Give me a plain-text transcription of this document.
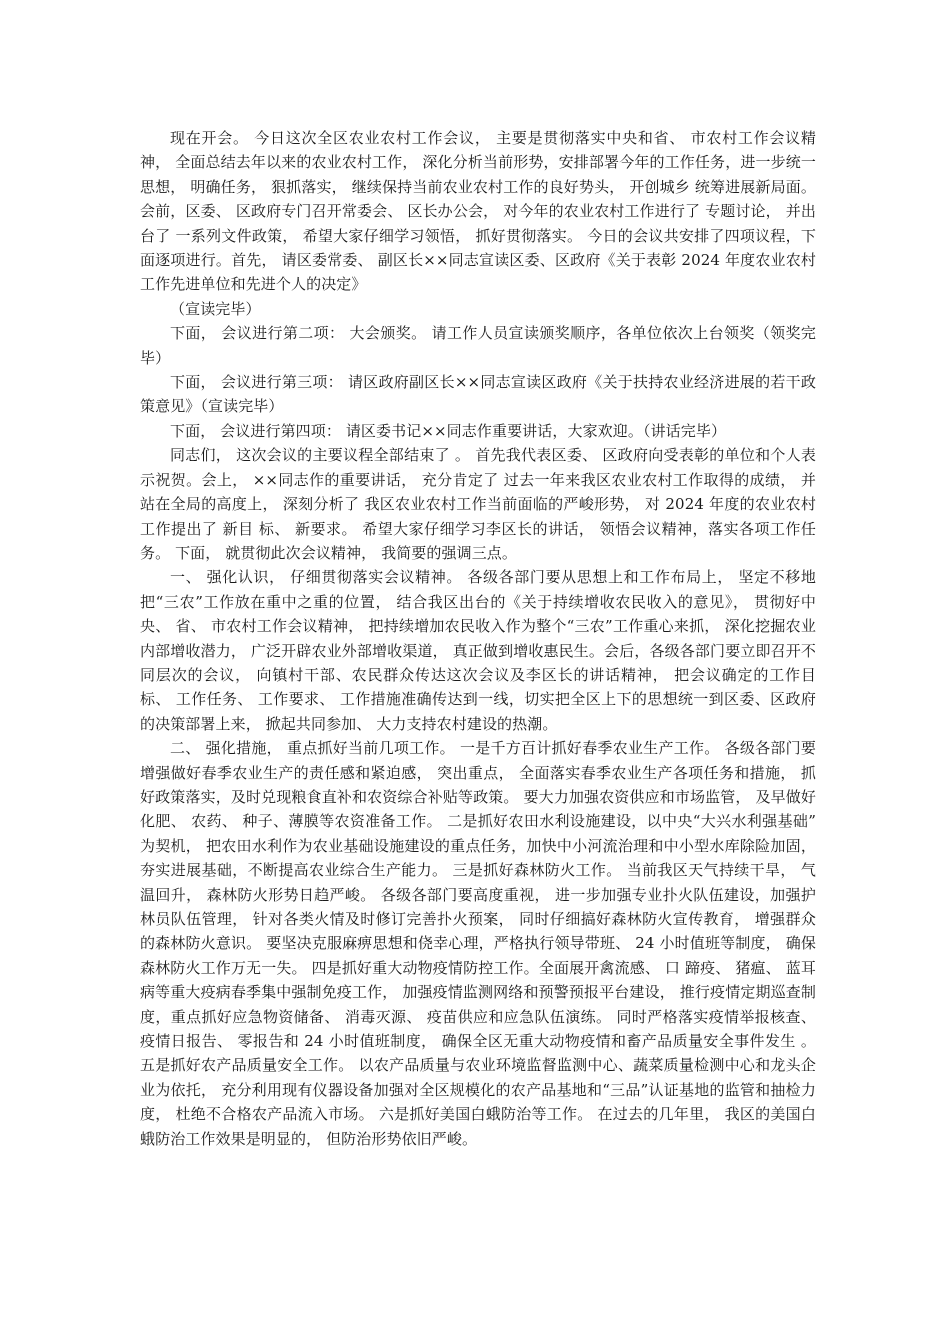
现在开会。 今日这次全区农业农村工作会议， 主要是贯彻落实中央和省、 市农村工作会议精神， 全面总结去年以来的农业农村工作， 深化分析当前形势，安排部署今年的工作任务，进一步统一思想， 明确任务， 狠抓落实， 继续保持当前农业农村工作的良好势头， 开创城乡 统筹进展新局面。 会前，区委、 区政府专门召开常委会、 区长办公会， 对今年的农业农村工作进行了 专题讨论， 并出台了 一系列文件政策， 希望大家仔细学习领悟， 抓好贯彻落实。 今日的会议共安排了四项议程，下面逐项进行。首先， 请区委常委、 副区长××同志宣读区委、区政府《关于表彰 2024 年度农业农村工作先进单位和先进个人的决定》

（宣读完毕）

下面， 会议进行第二项： 大会颁奖。 请工作人员宣读颁奖顺序，各单位依次上台领奖（领奖完毕）

下面， 会议进行第三项： 请区政府副区长××同志宣读区政府《关于扶持农业经济进展的若干政策意见》（宣读完毕）

下面， 会议进行第四项： 请区委书记××同志作重要讲话，大家欢迎。（讲话完毕）

同志们， 这次会议的主要议程全部结束了 。 首先我代表区委、 区政府向受表彰的单位和个人表示祝贺。会上， ××同志作的重要讲话， 充分肯定了 过去一年来我区农业农村工作取得的成绩， 并站在全局的高度上， 深刻分析了 我区农业农村工作当前面临的严峻形势， 对 2024 年度的农业农村工作提出了 新目 标、 新要求。 希望大家仔细学习李区长的讲话， 领悟会议精神，落实各项工作任务。 下面， 就贯彻此次会议精神， 我简要的强调三点。

一、 强化认识， 仔细贯彻落实会议精神。 各级各部门要从思想上和工作布局上， 坚定不移地把“三农”工作放在重中之重的位置， 结合我区出台的《关于持续增收农民收入的意见》， 贯彻好中央、 省、 市农村工作会议精神， 把持续增加农民收入作为整个“三农”工作重心来抓， 深化挖掘农业内部增收潜力， 广泛开辟农业外部增收渠道， 真正做到增收惠民生。会后，各级各部门要立即召开不同层次的会议， 向镇村干部、农民群众传达这次会议及李区长的讲话精神， 把会议确定的工作目 标、 工作任务、 工作要求、 工作措施准确传达到一线，切实把全区上下的思想统一到区委、区政府的决策部署上来， 掀起共同参加、 大力支持农村建设的热潮。

二、 强化措施， 重点抓好当前几项工作。 一是千方百计抓好春季农业生产工作。 各级各部门要增强做好春季农业生产的责任感和紧迫感， 突出重点， 全面落实春季农业生产各项任务和措施， 抓好政策落实，及时兑现粮食直补和农资综合补贴等政策。 要大力加强农资供应和市场监管， 及早做好化肥、 农药、 种子、薄膜等农资准备工作。 二是抓好农田水利设施建设，以中央“大兴水利强基础” 为契机， 把农田水利作为农业基础设施建设的重点任务，加快中小河流治理和中小型水库除险加固， 夯实进展基础，不断提高农业综合生产能力。 三是抓好森林防火工作。 当前我区天气持续干旱， 气温回升， 森林防火形势日趋严峻。 各级各部门要高度重视， 进一步加强专业扑火队伍建设，加强护林员队伍管理， 针对各类火情及时修订完善扑火预案， 同时仔细搞好森林防火宣传教育， 增强群众的森林防火意识。 要坚决克服麻痹思想和侥幸心理，严格执行领导带班、 24 小时值班等制度， 确保森林防火工作万无一失。 四是抓好重大动物疫情防控工作。全面展开禽流感、 口 蹄疫、 猪瘟、 蓝耳病等重大疫病春季集中强制免疫工作， 加强疫情监测网络和预警预报平台建设， 推行疫情定期巡查制度，重点抓好应急物资储备、 消毒灭源、 疫苗供应和应急队伍演练。 同时严格落实疫情举报核查、 疫情日报告、 零报告和 24 小时值班制度， 确保全区无重大动物疫情和畜产品质量安全事件发生 。 五是抓好农产品质量安全工作。 以农产品质量与农业环境监督监测中心、蔬菜质量检测中心和龙头企业为依托， 充分利用现有仪器设备加强对全区规模化的农产品基地和“三品”认证基地的监管和抽检力度， 杜绝不合格农产品流入市场。 六是抓好美国白蛾防治等工作。 在过去的几年里， 我区的美国白蛾防治工作效果是明显的， 但防治形势依旧严峻。
